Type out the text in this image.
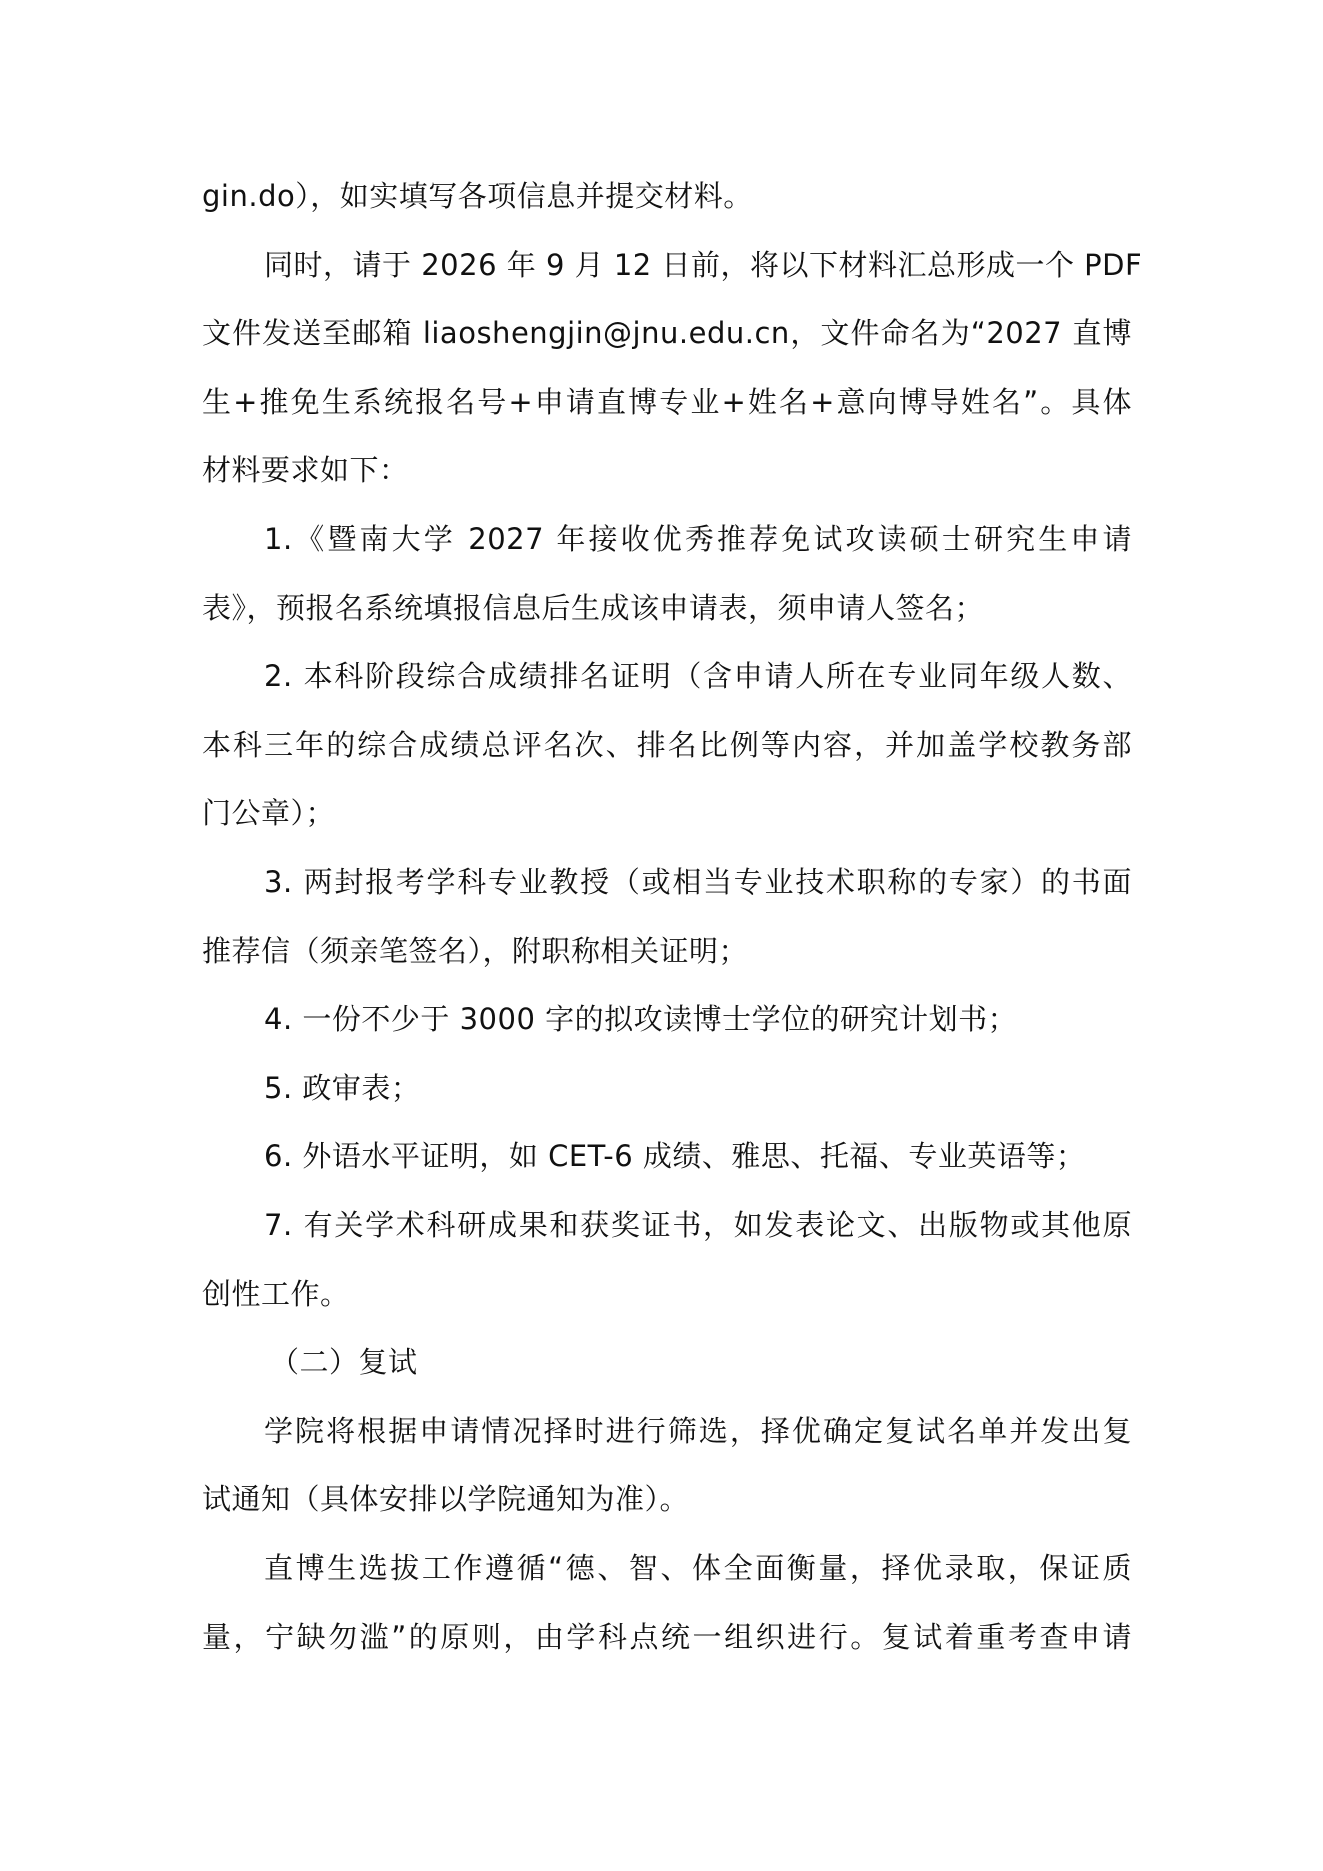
gin.do），如实填写各项信息并提交材料。
同时，请于 2026 年 9 月 12 日前，将以下材料汇总形成一个 PDF
文件发送至邮箱 liaoshengjin@jnu.edu.cn，文件命名为“2027 直博
生+推免生系统报名号+申请直博专业+姓名+意向博导姓名”。具体
材料要求如下：
1.《暨南大学 2027 年接收优秀推荐免试攻读硕士研究生申请
表》，预报名系统填报信息后生成该申请表，须申请人签名；
2. 本科阶段综合成绩排名证明（含申请人所在专业同年级人数、
本科三年的综合成绩总评名次、排名比例等内容，并加盖学校教务部
门公章）；
3. 两封报考学科专业教授（或相当专业技术职称的专家）的书面
推荐信（须亲笔签名），附职称相关证明；
4. 一份不少于 3000 字的拟攻读博士学位的研究计划书；
5. 政审表；
6. 外语水平证明，如 CET-6 成绩、雅思、托福、专业英语等；
7. 有关学术科研成果和获奖证书，如发表论文、出版物或其他原
创性工作。
（二）复试
学院将根据申请情况择时进行筛选，择优确定复试名单并发出复
试通知（具体安排以学院通知为准）。
直博生选拔工作遵循“德、智、体全面衡量，择优录取，保证质
量，宁缺勿滥”的原则，由学科点统一组织进行。复试着重考查申请
